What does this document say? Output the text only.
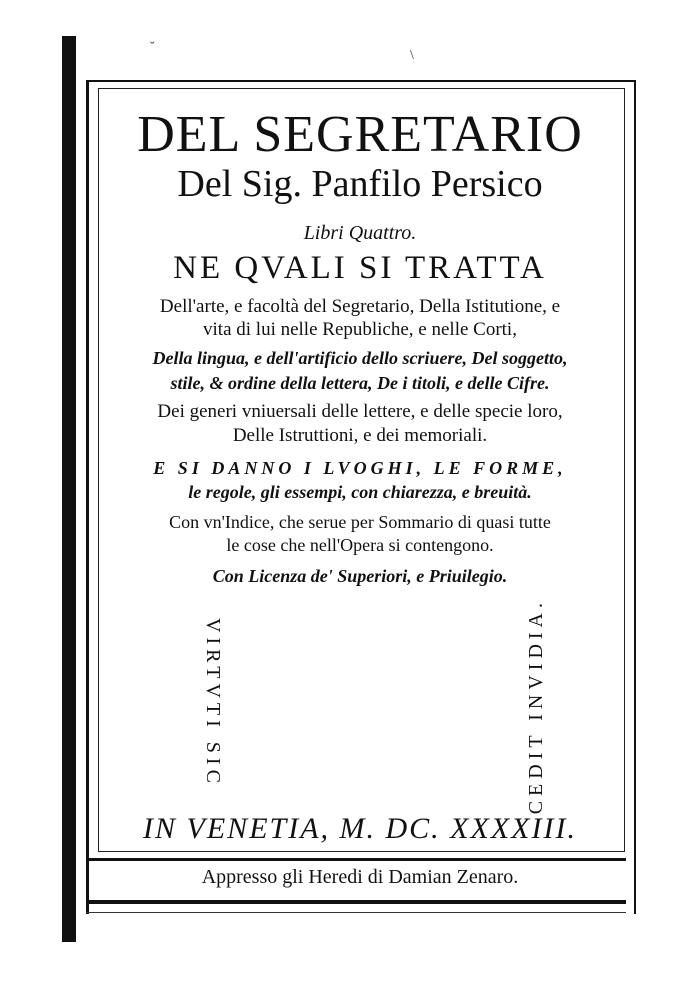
DEL SEGRETARIO
Del Sig. Panfilo Persico
Libri Quattro.
NE QVALI SI TRATTA
Dell'arte, e facoltà del Segretario, Della Istitutione, e
vita di lui nelle Republiche, e nelle Corti,
Della lingua, e dell'artificio dello scriuere, Del soggetto,
stile, & ordine della lettera, De i titoli, e delle Cifre.
Dei generi vniuersali delle lettere, e delle specie loro,
Delle Istruttioni, e dei memoriali.
E SI DANNO I LVOGHI, LE FORME,
le regole, gli essempi, con chiarezza, e breuità.
Con vn'Indice, che serue per Sommario di quasi tutte
le cose che nell'Opera si contengono.
Con Licenza de' Superiori, e Priuilegio.
VIRTVTI SIC	CEDIT INVIDIA.
IN VENETIA, M. DC. XXXXIII.
Appresso gli Heredi di Damian Zenaro.
˘
\
